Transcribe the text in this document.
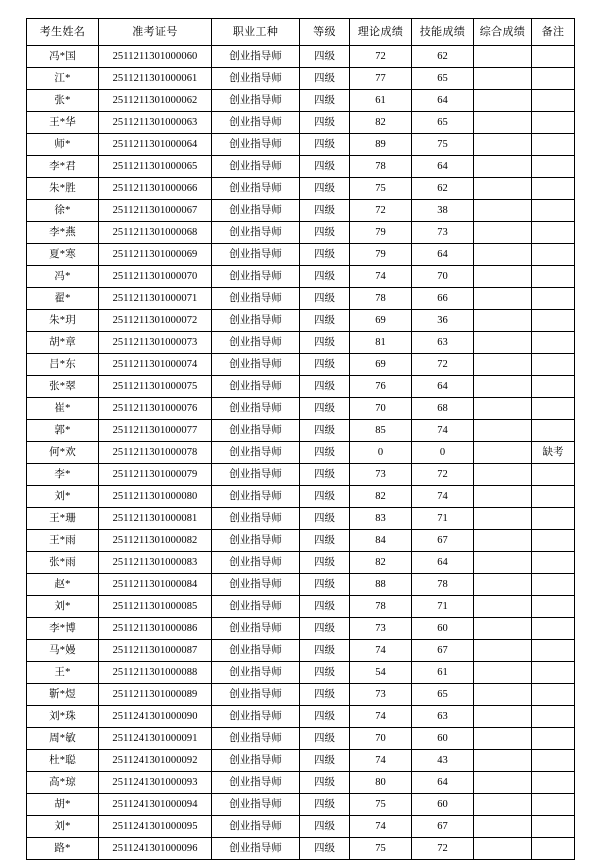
考生姓名	准考证号	职业工种	等级	理论成绩	技能成绩	综合成绩	备注
冯*国	2511211301000060	创业指导师	四级	72	62		
江*	2511211301000061	创业指导师	四级	77	65		
张*	2511211301000062	创业指导师	四级	61	64		
王*华	2511211301000063	创业指导师	四级	82	65		
师*	2511211301000064	创业指导师	四级	89	75		
李*君	2511211301000065	创业指导师	四级	78	64		
朱*胜	2511211301000066	创业指导师	四级	75	62		
徐*	2511211301000067	创业指导师	四级	72	38		
李*燕	2511211301000068	创业指导师	四级	79	73		
夏*寒	2511211301000069	创业指导师	四级	79	64		
冯*	2511211301000070	创业指导师	四级	74	70		
翟*	2511211301000071	创业指导师	四级	78	66		
朱*玥	2511211301000072	创业指导师	四级	69	36		
胡*章	2511211301000073	创业指导师	四级	81	63		
吕*东	2511211301000074	创业指导师	四级	69	72		
张*翠	2511211301000075	创业指导师	四级	76	64		
崔*	2511211301000076	创业指导师	四级	70	68		
郭*	2511211301000077	创业指导师	四级	85	74		
何*欢	2511211301000078	创业指导师	四级	0	0		缺考
李*	2511211301000079	创业指导师	四级	73	72		
刘*	2511211301000080	创业指导师	四级	82	74		
王*珊	2511211301000081	创业指导师	四级	83	71		
王*雨	2511211301000082	创业指导师	四级	84	67		
张*雨	2511211301000083	创业指导师	四级	82	64		
赵*	2511211301000084	创业指导师	四级	88	78		
刘*	2511211301000085	创业指导师	四级	78	71		
李*博	2511211301000086	创业指导师	四级	73	60		
马*嫚	2511211301000087	创业指导师	四级	74	67		
王*	2511211301000088	创业指导师	四级	54	61		
靳*煜	2511211301000089	创业指导师	四级	73	65		
刘*珠	2511241301000090	创业指导师	四级	74	63		
周*敏	2511241301000091	创业指导师	四级	70	60		
杜*聪	2511241301000092	创业指导师	四级	74	43		
高*琼	2511241301000093	创业指导师	四级	80	64		
胡*	2511241301000094	创业指导师	四级	75	60		
刘*	2511241301000095	创业指导师	四级	74	67		
路*	2511241301000096	创业指导师	四级	75	72		
